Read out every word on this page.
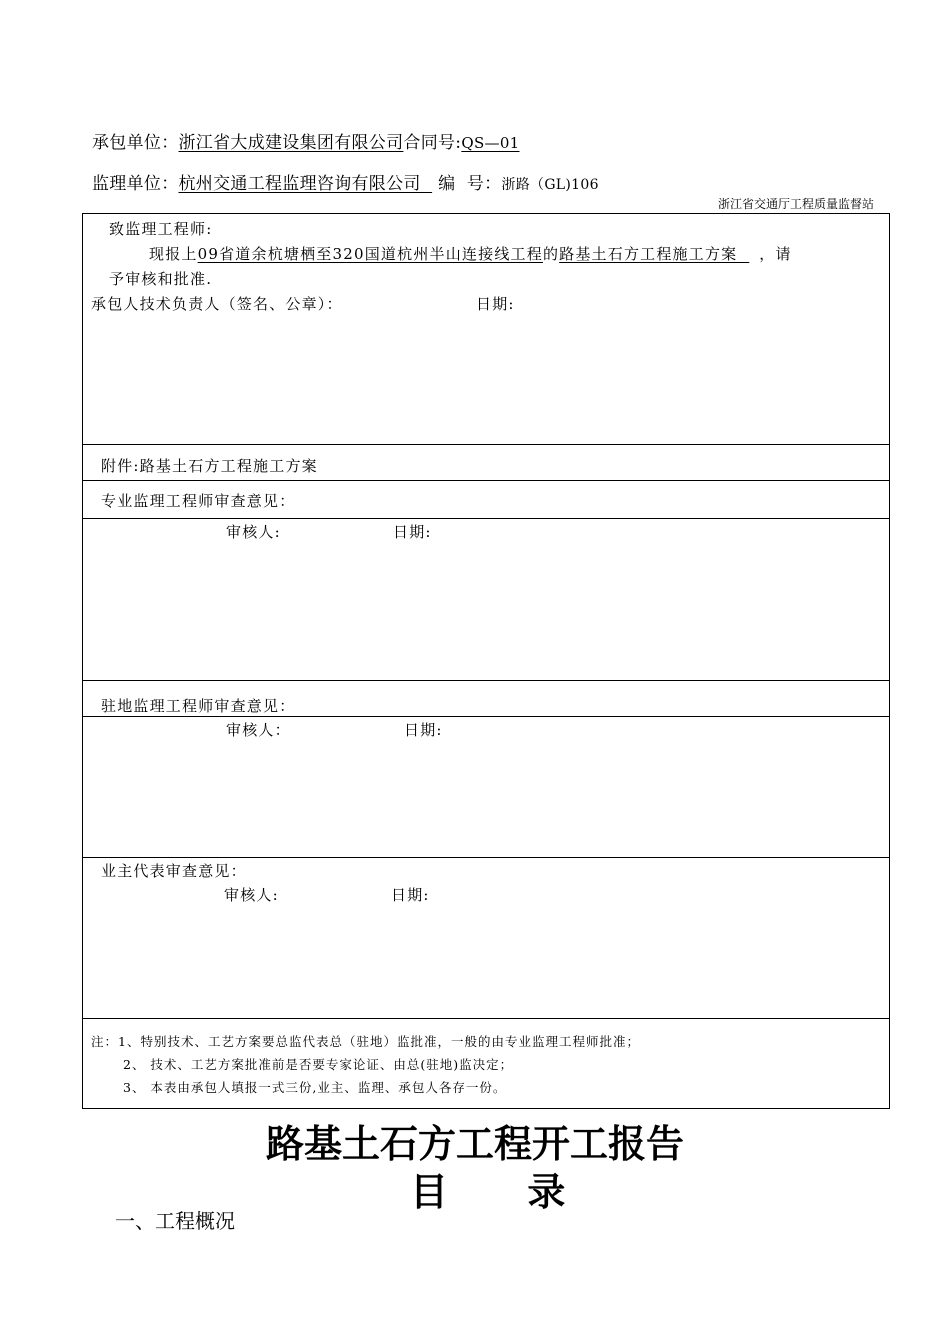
承包单位：浙江省大成建设集团有限公司合同号:QS—01
监理单位：杭州交通工程监理咨询有限公司  编  号：浙路（GL)106
浙江省交通厅工程质量监督站
致监理工程师:
现报上09省道余杭塘栖至320国道杭州半山连接线工程的路基土石方工程施工方案  ，请
予审核和批准.
承包人技术负责人（签名、公章）：	日期:
附件:路基土石方工程施工方案
专业监理工程师审查意见：
审核人:	日期:
驻地监理工程师审查意见：
审核人：	日期:
业主代表审查意见：
审核人:	日期:
注：1、特别技术、工艺方案要总监代表总（驻地）监批准，一般的由专业监理工程师批准；
2、 技术、工艺方案批准前是否要专家论证、由总(驻地)监决定；
3、 本表由承包人填报一式三份,业主、监理、承包人各存一份。
路基土石方工程开工报告
目      录
一、工程概况
